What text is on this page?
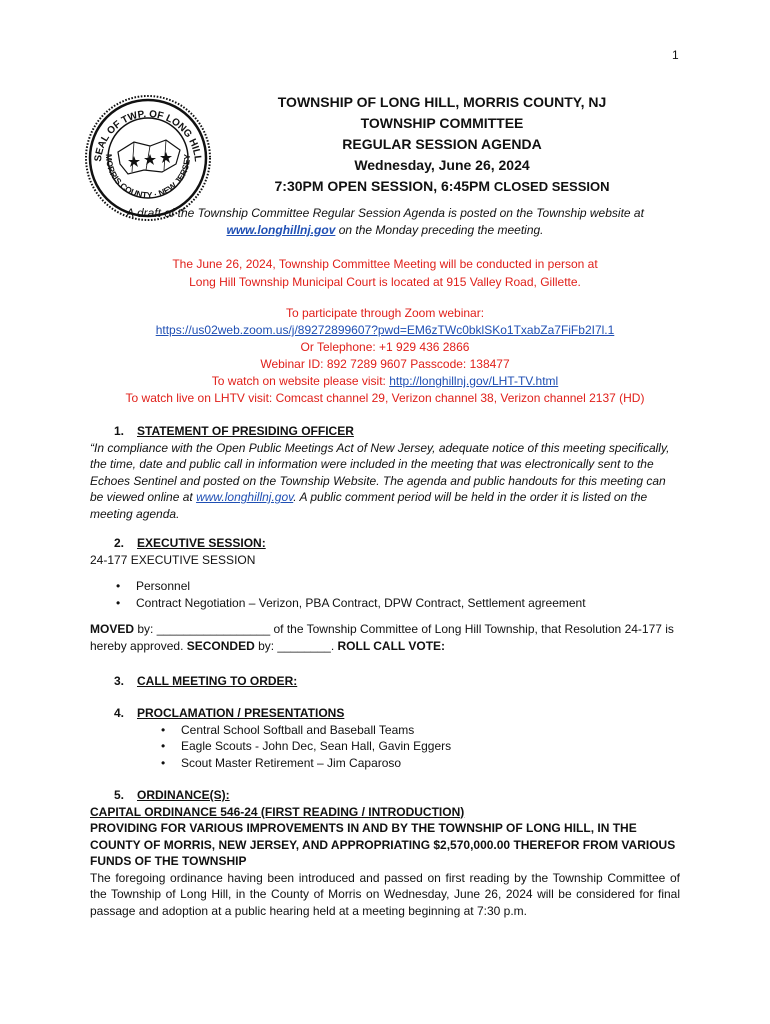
1
SEAL OF TWP. OF LONG HILL
MORRIS COUNTY · NEW JERSEY
TOWNSHIP OF LONG HILL, MORRIS COUNTY, NJ
TOWNSHIP COMMITTEE
REGULAR SESSION AGENDA
Wednesday, June 26, 2024
7:30PM OPEN SESSION, 6:45PM CLOSED SESSION
A draft of the Township Committee Regular Session Agenda is posted on the Township website at
www.longhillnj.gov on the Monday preceding the meeting.
The June 26, 2024, Township Committee Meeting will be conducted in person at
Long Hill Township Municipal Court is located at 915 Valley Road, Gillette.
To participate through Zoom webinar:
https://us02web.zoom.us/j/89272899607?pwd=EM6zTWc0bklSKo1TxabZa7FiFb2I7l.1
Or Telephone: +1 929 436 2866
Webinar ID: 892 7289 9607 Passcode: 138477
To watch on website please visit: http://longhillnj.gov/LHT-TV.html
To watch live on LHTV visit: Comcast channel 29, Verizon channel 38, Verizon channel 2137 (HD)
1. STATEMENT OF PRESIDING OFFICER
“In compliance with the Open Public Meetings Act of New Jersey, adequate notice of this meeting specifically, the time, date and public call in information were included in the meeting that was electronically sent to the Echoes Sentinel and posted on the Township Website. The agenda and public handouts for this meeting can be viewed online at www.longhillnj.gov. A public comment period will be held in the order it is listed on the meeting agenda.
2. EXECUTIVE SESSION:
24-177 EXECUTIVE SESSION
• Personnel
• Contract Negotiation – Verizon, PBA Contract, DPW Contract, Settlement agreement
MOVED by: _________________ of the Township Committee of Long Hill Township, that Resolution 24-177 is hereby approved. SECONDED by: ________. ROLL CALL VOTE:
3. CALL MEETING TO ORDER:
4. PROCLAMATION / PRESENTATIONS
• Central School Softball and Baseball Teams
• Eagle Scouts - John Dec, Sean Hall, Gavin Eggers
• Scout Master Retirement – Jim Caparoso
5. ORDINANCE(S):
CAPITAL ORDINANCE 546-24 (FIRST READING / INTRODUCTION)
PROVIDING FOR VARIOUS IMPROVEMENTS IN AND BY THE TOWNSHIP OF LONG HILL, IN THE COUNTY OF MORRIS, NEW JERSEY, AND APPROPRIATING $2,570,000.00 THEREFOR FROM VARIOUS FUNDS OF THE TOWNSHIP
The foregoing ordinance having been introduced and passed on first reading by the Township Committee of the Township of Long Hill, in the County of Morris on Wednesday, June 26, 2024 will be considered for final passage and adoption at a public hearing held at a meeting beginning at 7:30 p.m.
